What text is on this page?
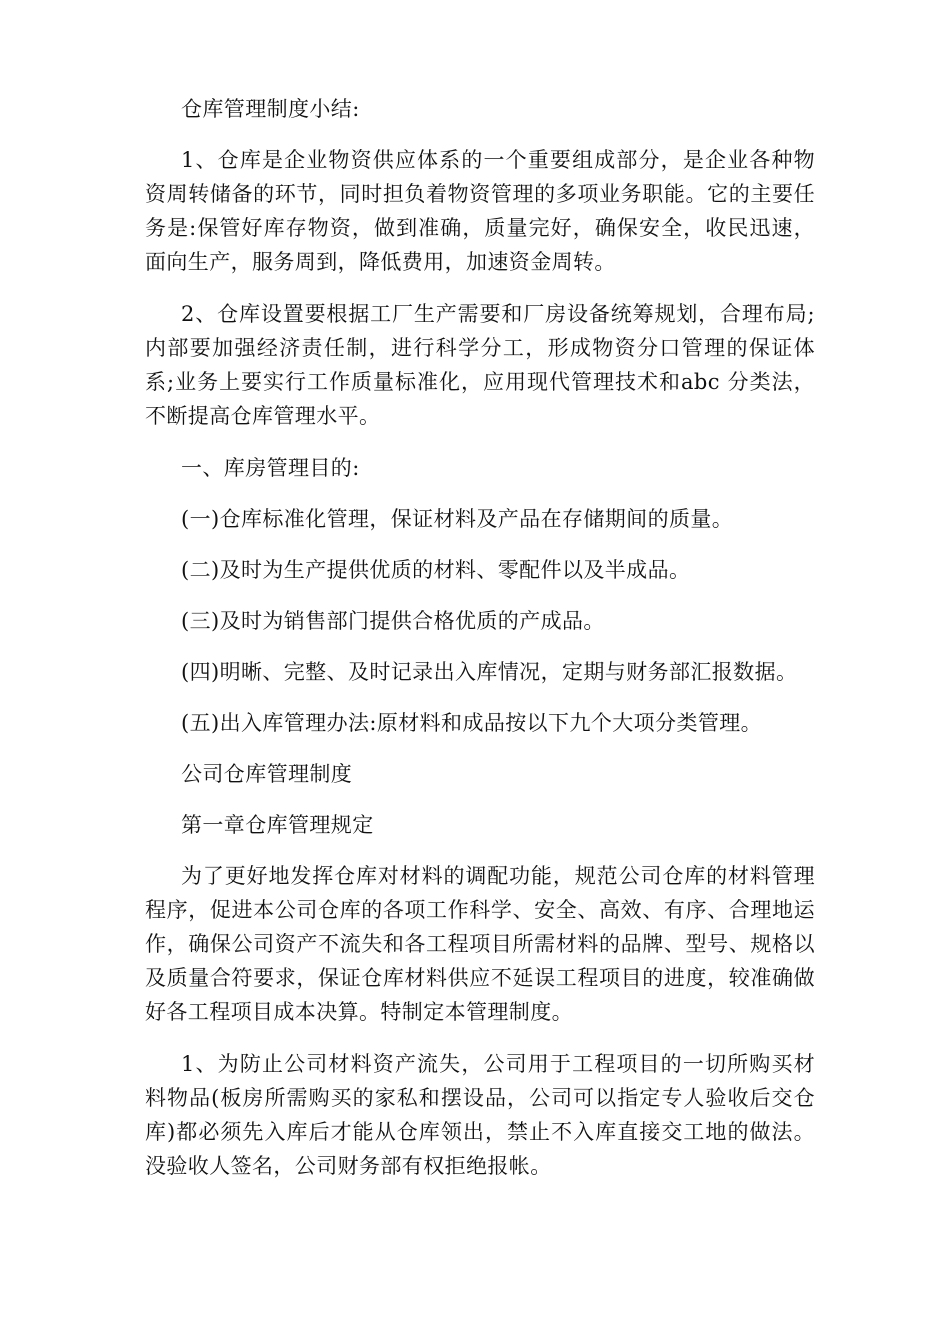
仓库管理制度小结:

1、仓库是企业物资供应体系的一个重要组成部分，是企业各种物资周转储备的环节，同时担负着物资管理的多项业务职能。它的主要任务是:保管好库存物资，做到准确，质量完好，确保安全，收民迅速，面向生产，服务周到，降低费用，加速资金周转。

2、仓库设置要根据工厂生产需要和厂房设备统筹规划，合理布局;内部要加强经济责任制，进行科学分工，形成物资分口管理的保证体系;业务上要实行工作质量标准化，应用现代管理技术和abc 分类法，不断提高仓库管理水平。

一、库房管理目的:

(一)仓库标准化管理，保证材料及产品在存储期间的质量。

(二)及时为生产提供优质的材料、零配件以及半成品。

(三)及时为销售部门提供合格优质的产成品。

(四)明晰、完整、及时记录出入库情况，定期与财务部汇报数据。

(五)出入库管理办法:原材料和成品按以下九个大项分类管理。

公司仓库管理制度

第一章仓库管理规定

为了更好地发挥仓库对材料的调配功能，规范公司仓库的材料管理程序，促进本公司仓库的各项工作科学、安全、高效、有序、合理地运作，确保公司资产不流失和各工程项目所需材料的品牌、型号、规格以及质量合符要求，保证仓库材料供应不延误工程项目的进度，较准确做好各工程项目成本决算。特制定本管理制度。

1、为防止公司材料资产流失，公司用于工程项目的一切所购买材料物品(板房所需购买的家私和摆设品，公司可以指定专人验收后交仓库)都必须先入库后才能从仓库领出，禁止不入库直接交工地的做法。没验收人签名，公司财务部有权拒绝报帐。
